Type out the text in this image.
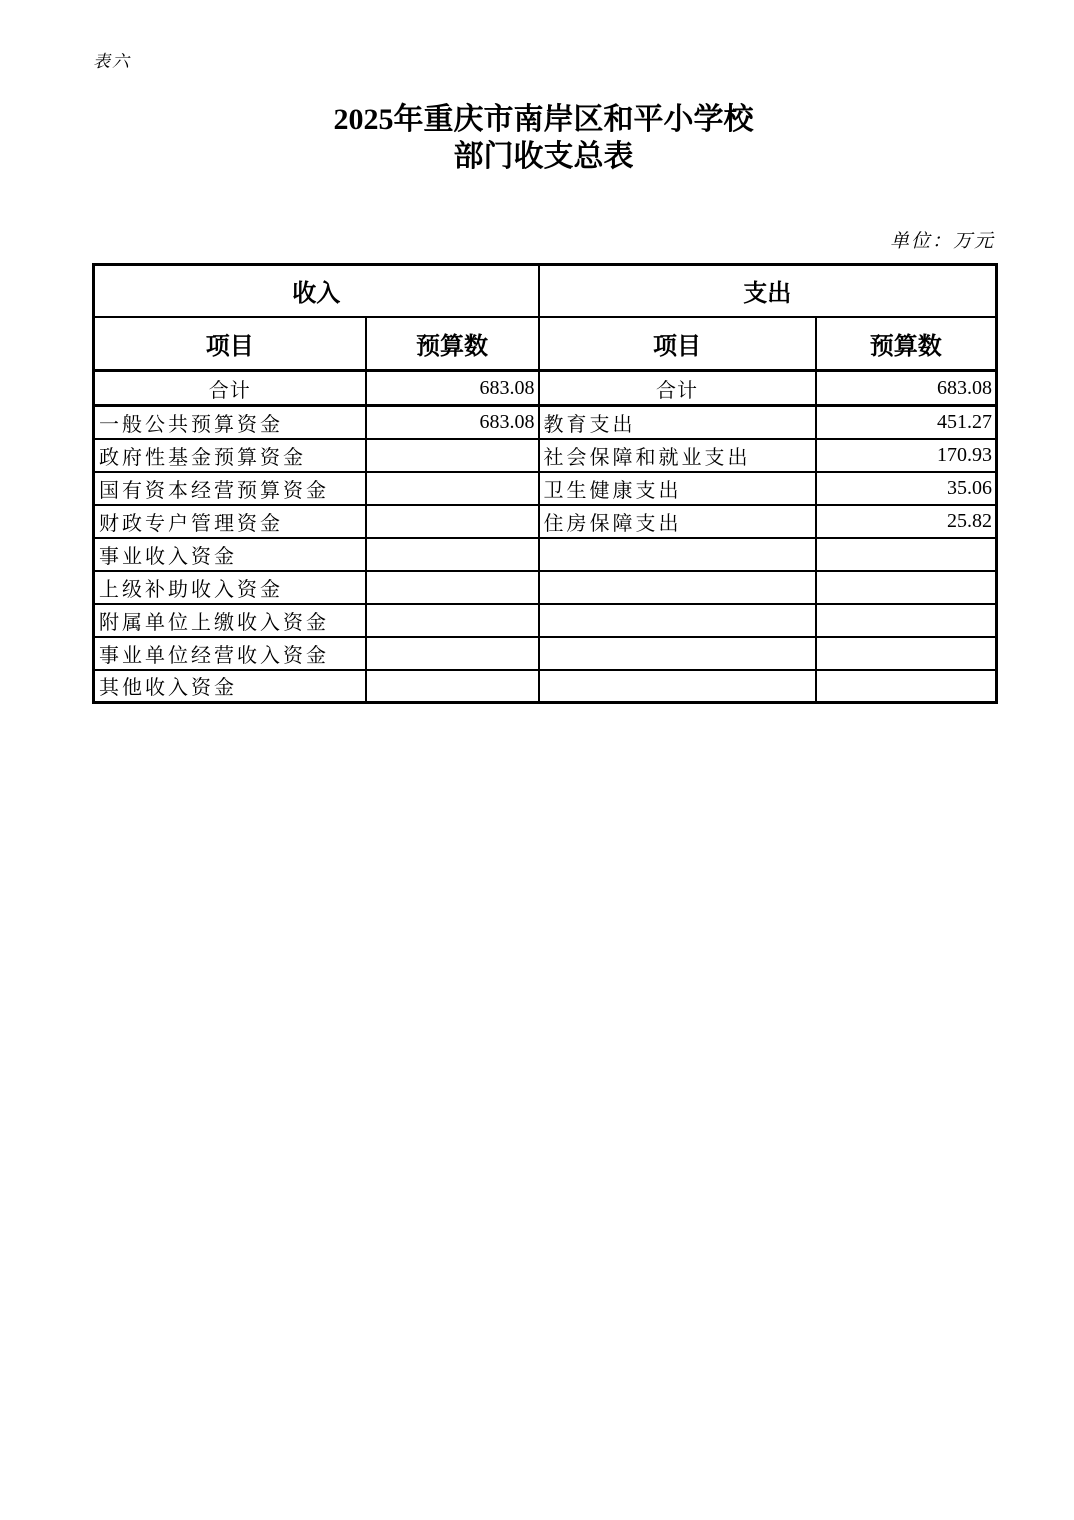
表六
2025年重庆市南岸区和平小学校
部门收支总表
单位：万元
收入		支出	
项目	预算数	项目	预算数
合计	683.08	合计	683.08
一般公共预算资金	683.08	教育支出	451.27
政府性基金预算资金		社会保障和就业支出	170.93
国有资本经营预算资金		卫生健康支出	35.06
财政专户管理资金		住房保障支出	25.82
事业收入资金			
上级补助收入资金			
附属单位上缴收入资金			
事业单位经营收入资金			
其他收入资金			
